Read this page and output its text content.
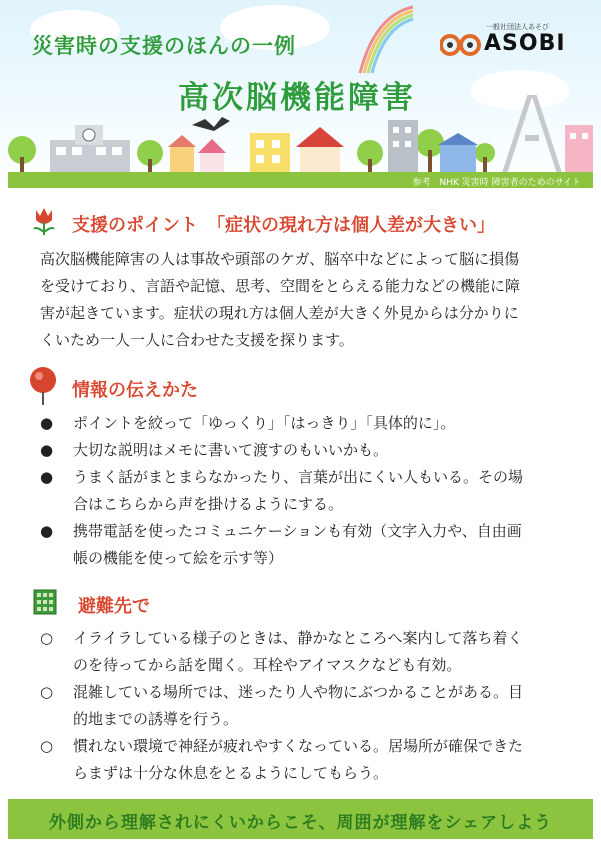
災害時の支援のほんの一例
高次脳機能障害
一般社団法人あそび
ASOBI
参考　NHK 災害時 障害者のためのサイト
支援のポイント　「症状の現れ方は個人差が大きい」
高次脳機能障害の人は事故や頭部のケガ、脳卒中などによって脳に損傷
を受けており、言語や記憶、思考、空間をとらえる能力などの機能に障
害が起きています。症状の現れ方は個人差が大きく外見からは分かりに
くいため一人一人に合わせた支援を探ります。
情報の伝えかた
●	ポイントを絞って「ゆっくり」「はっきり」「具体的に」。
●	大切な説明はメモに書いて渡すのもいいかも。
●	うまく話がまとまらなかったり、言葉が出にくい人もいる。その場
合はこちらから声を掛けるようにする。
●	携帯電話を使ったコミュニケーションも有効（文字入力や、自由画
帳の機能を使って絵を示す等）
避難先で
○	イライラしている様子のときは、静かなところへ案内して落ち着く
のを待ってから話を聞く。耳栓やアイマスクなども有効。
○	混雑している場所では、迷ったり人や物にぶつかることがある。目
的地までの誘導を行う。
○	慣れない環境で神経が疲れやすくなっている。居場所が確保できた
らまずは十分な休息をとるようにしてもらう。
外側から理解されにくいからこそ、周囲が理解をシェアしよう
